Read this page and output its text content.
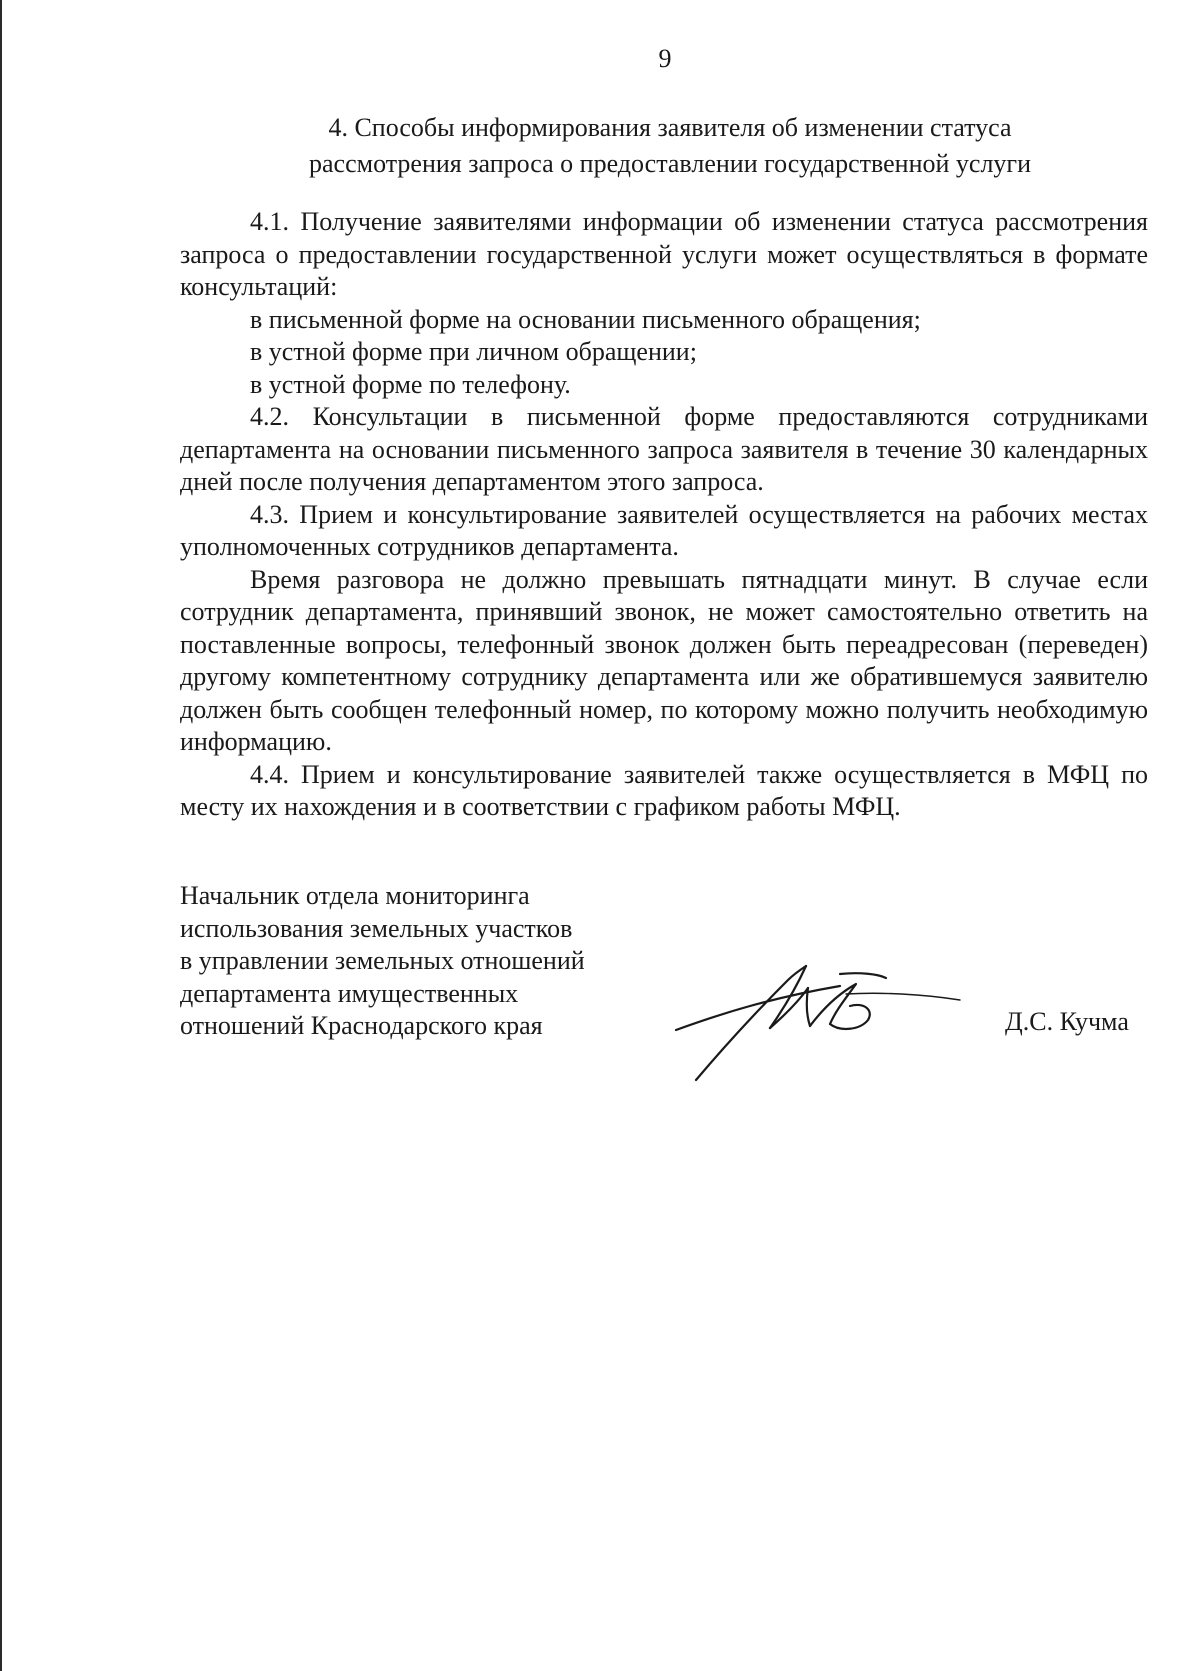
9
4. Способы информирования заявителя об изменении статуса
рассмотрения запроса о предоставлении государственной услуги

4.1. Получение заявителями информации об изменении статуса рассмотрения запроса о предоставлении государственной услуги может осуществляться в формате консультаций:

в письменной форме на основании письменного обращения;

в устной форме при личном обращении;

в устной форме по телефону.

4.2. Консультации в письменной форме предоставляются сотрудниками департамента на основании письменного запроса заявителя в течение 30 календарных дней после получения департаментом этого запроса.

4.3. Прием и консультирование заявителей осуществляется на рабочих местах уполномоченных сотрудников департамента.

Время разговора не должно превышать пятнадцати минут. В случае если сотрудник департамента, принявший звонок, не может самостоятельно ответить на поставленные вопросы, телефонный звонок должен быть переадресован (переведен) другому компетентному сотруднику департамента или же обратившемуся заявителю должен быть сообщен телефонный номер, по которому можно получить необходимую информацию.

4.4. Прием и консультирование заявителей также осуществляется в МФЦ по месту их нахождения и в соответствии с графиком работы МФЦ.

Начальник отдела мониторинга
использования земельных участков
в управлении земельных отношений
департамента имущественных
отношений Краснодарского края	Д.С. Кучма
